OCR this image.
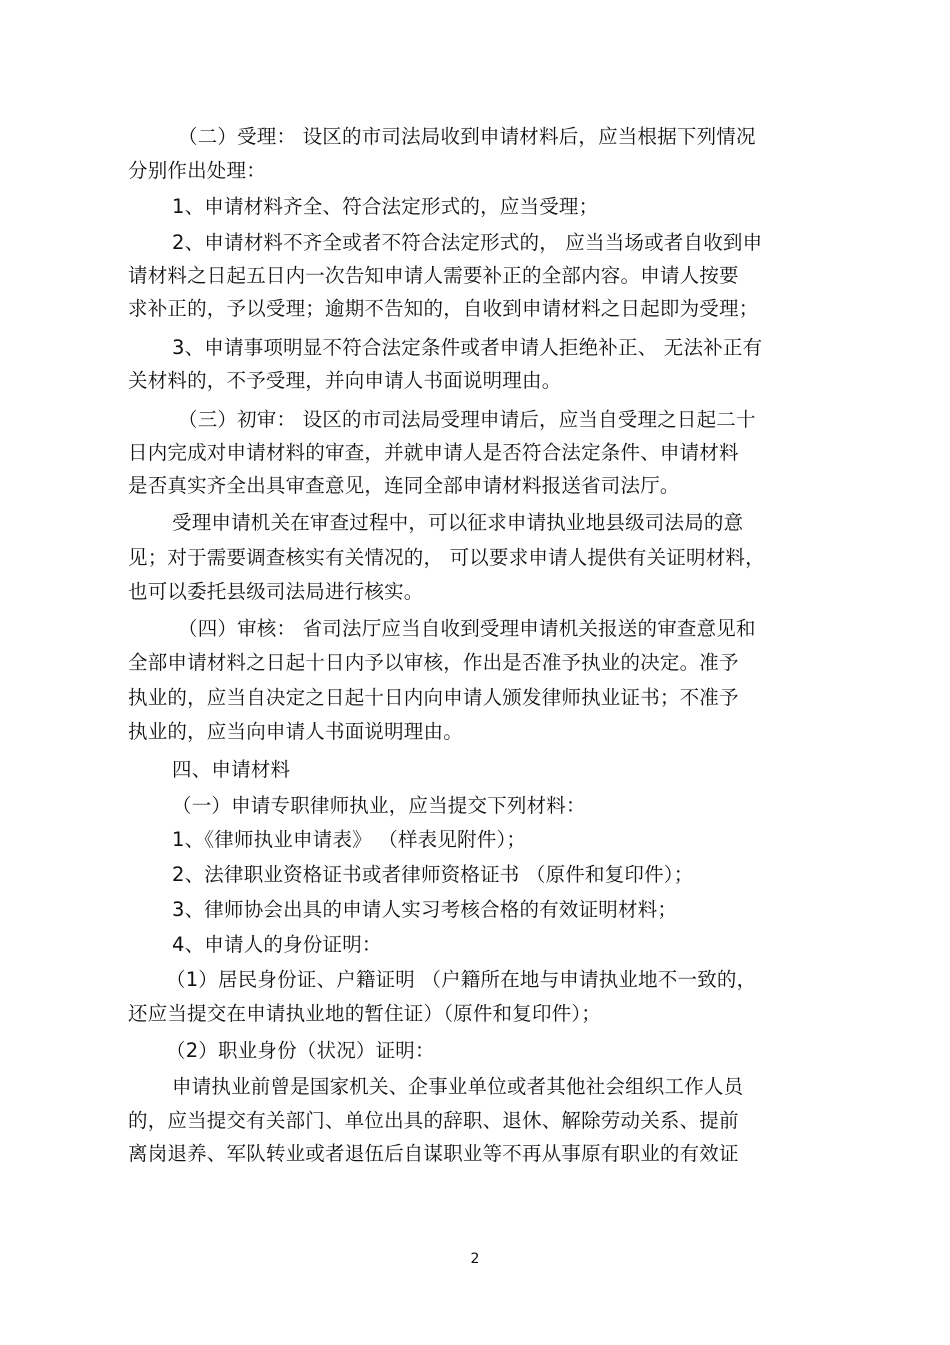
（二）受理： 设区的市司法局收到申请材料后，应当根据下列情况
分别作出处理：
1、申请材料齐全、符合法定形式的，应当受理；
2、申请材料不齐全或者不符合法定形式的， 应当当场或者自收到申
请材料之日起五日内一次告知申请人需要补正的全部内容。申请人按要
求补正的，予以受理；逾期不告知的，自收到申请材料之日起即为受理；
3、申请事项明显不符合法定条件或者申请人拒绝补正、 无法补正有
关材料的，不予受理，并向申请人书面说明理由。
（三）初审： 设区的市司法局受理申请后，应当自受理之日起二十
日内完成对申请材料的审查，并就申请人是否符合法定条件、申请材料
是否真实齐全出具审查意见，连同全部申请材料报送省司法厅。
受理申请机关在审查过程中，可以征求申请执业地县级司法局的意
见；对于需要调查核实有关情况的， 可以要求申请人提供有关证明材料，
也可以委托县级司法局进行核实。
（四）审核： 省司法厅应当自收到受理申请机关报送的审查意见和
全部申请材料之日起十日内予以审核，作出是否准予执业的决定。准予
执业的，应当自决定之日起十日内向申请人颁发律师执业证书；不准予
执业的，应当向申请人书面说明理由。
四、申请材料
（一）申请专职律师执业，应当提交下列材料：
1、《律师执业申请表》 （样表见附件）；
2、法律职业资格证书或者律师资格证书 （原件和复印件）；
3、律师协会出具的申请人实习考核合格的有效证明材料；
4、申请人的身份证明：
（1）居民身份证、户籍证明 （户籍所在地与申请执业地不一致的，
还应当提交在申请执业地的暂住证）（原件和复印件）；
（2）职业身份（状况）证明：
申请执业前曾是国家机关、企事业单位或者其他社会组织工作人员
的，应当提交有关部门、单位出具的辞职、退休、解除劳动关系、提前
离岗退养、军队转业或者退伍后自谋职业等不再从事原有职业的有效证
2
